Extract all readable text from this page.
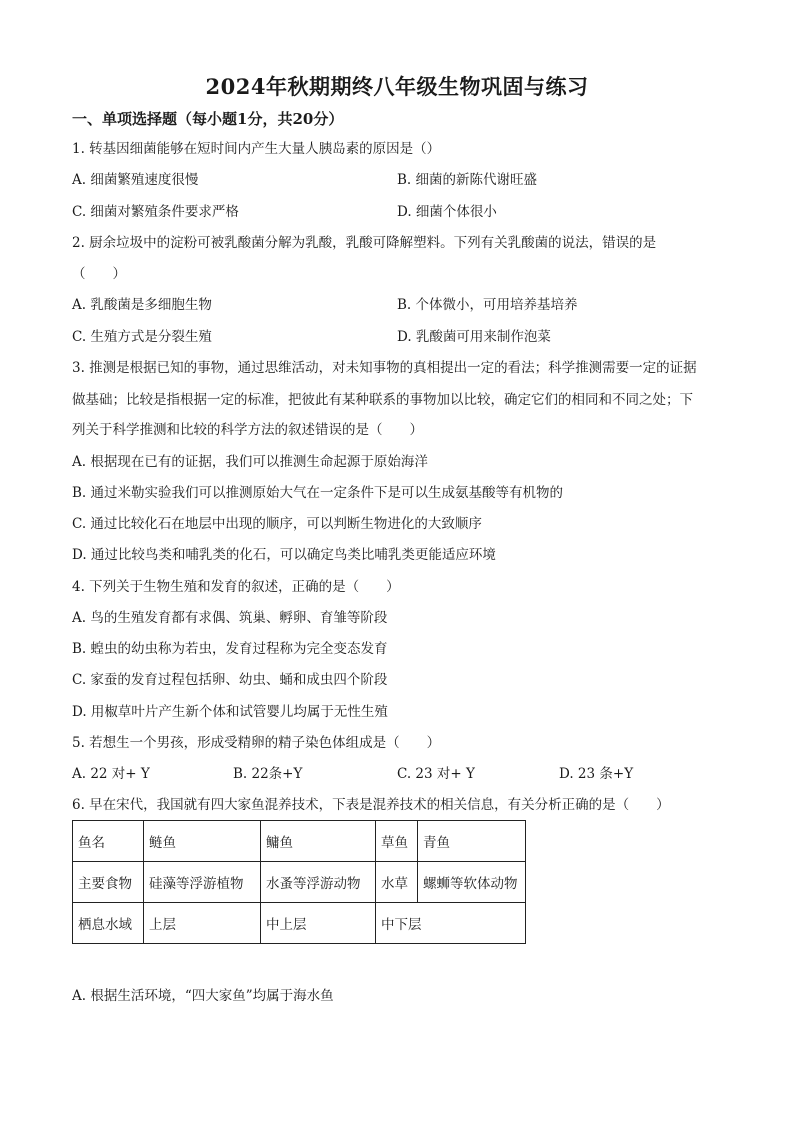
2024年秋期期终八年级生物巩固与练习
一、单项选择题（每小题1分，共20分）
1. 转基因细菌能够在短时间内产生大量人胰岛素的原因是（）
A. 细菌繁殖速度很慢	B. 细菌的新陈代谢旺盛
C. 细菌对繁殖条件要求严格	D. 细菌个体很小
2. 厨余垃圾中的淀粉可被乳酸菌分解为乳酸，乳酸可降解塑料。下列有关乳酸菌的说法，错误的是
（　　）
A. 乳酸菌是多细胞生物	B. 个体微小，可用培养基培养
C. 生殖方式是分裂生殖	D. 乳酸菌可用来制作泡菜
3. 推测是根据已知的事物，通过思维活动，对未知事物的真相提出一定的看法；科学推测需要一定的证据
做基础；比较是指根据一定的标准，把彼此有某种联系的事物加以比较，确定它们的相同和不同之处；下
列关于科学推测和比较的科学方法的叙述错误的是（　　）
A. 根据现在已有的证据，我们可以推测生命起源于原始海洋
B. 通过米勒实验我们可以推测原始大气在一定条件下是可以生成氨基酸等有机物的
C. 通过比较化石在地层中出现的顺序，可以判断生物进化的大致顺序
D. 通过比较鸟类和哺乳类的化石，可以确定鸟类比哺乳类更能适应环境
4. 下列关于生物生殖和发育的叙述，正确的是（　　）
A. 鸟的生殖发育都有求偶、筑巢、孵卵、育雏等阶段
B. 蝗虫的幼虫称为若虫，发育过程称为完全变态发育
C. 家蚕的发育过程包括卵、幼虫、蛹和成虫四个阶段
D. 用椒草叶片产生新个体和试管婴儿均属于无性生殖
5. 若想生一个男孩，形成受精卵的精子染色体组成是（　　）
A. 22 对+ Y	B. 22条+Y	C. 23 对+ Y	D. 23 条+Y
6. 早在宋代，我国就有四大家鱼混养技术，下表是混养技术的相关信息，有关分析正确的是（　　）
鱼名	鲢鱼	鳙鱼	草鱼	青鱼
主要食物	硅藻等浮游植物	水蚤等浮游动物	水草	螺蛳等软体动物
栖息水域	上层	中上层	中下层	
A. 根据生活环境，“四大家鱼”均属于海水鱼
